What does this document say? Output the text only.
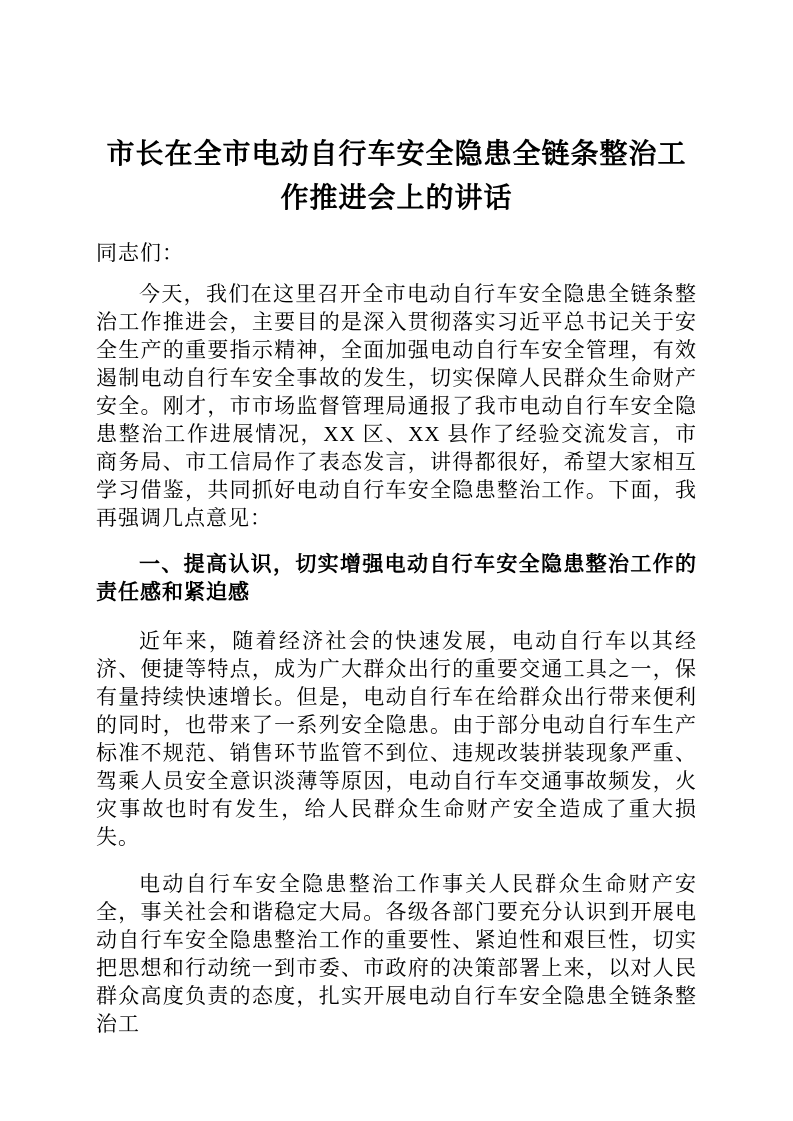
市长在全市电动自行车安全隐患全链条整治工作推进会上的讲话

同志们：

今天，我们在这里召开全市电动自行车安全隐患全链条整治工作推进会，主要目的是深入贯彻落实习近平总书记关于安全生产的重要指示精神，全面加强电动自行车安全管理，有效遏制电动自行车安全事故的发生，切实保障人民群众生命财产安全。刚才，市市场监督管理局通报了我市电动自行车安全隐患整治工作进展情况，XX 区、XX 县作了经验交流发言，市商务局、市工信局作了表态发言，讲得都很好，希望大家相互学习借鉴，共同抓好电动自行车安全隐患整治工作。下面，我再强调几点意见：

一、提高认识，切实增强电动自行车安全隐患整治工作的责任感和紧迫感

近年来，随着经济社会的快速发展，电动自行车以其经济、便捷等特点，成为广大群众出行的重要交通工具之一，保有量持续快速增长。但是，电动自行车在给群众出行带来便利的同时，也带来了一系列安全隐患。由于部分电动自行车生产标准不规范、销售环节监管不到位、违规改装拼装现象严重、驾乘人员安全意识淡薄等原因，电动自行车交通事故频发，火灾事故也时有发生，给人民群众生命财产安全造成了重大损失。

电动自行车安全隐患整治工作事关人民群众生命财产安全，事关社会和谐稳定大局。各级各部门要充分认识到开展电动自行车安全隐患整治工作的重要性、紧迫性和艰巨性，切实把思想和行动统一到市委、市政府的决策部署上来，以对人民群众高度负责的态度，扎实开展电动自行车安全隐患全链条整治工
